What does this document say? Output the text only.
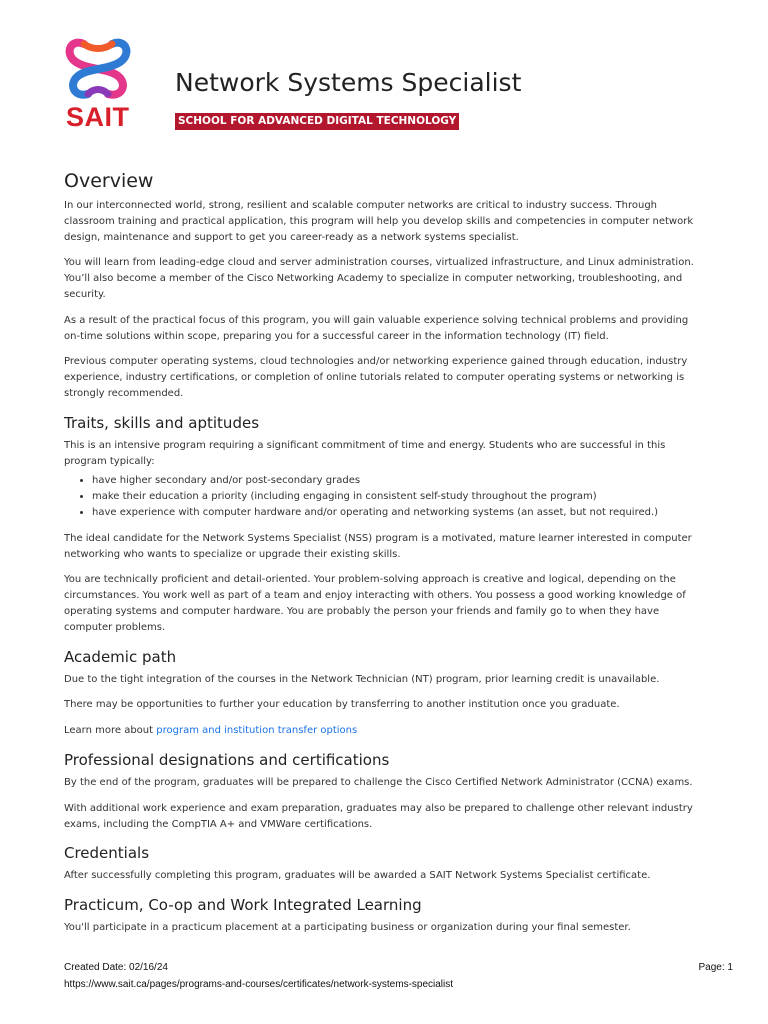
SAIT
Network Systems Specialist
SCHOOL FOR ADVANCED DIGITAL TECHNOLOGY
Overview

In our interconnected world, strong, resilient and scalable computer networks are critical to industry success. Through classroom training and practical application, this program will help you develop skills and competencies in computer network design, maintenance and support to get you career-ready as a network systems specialist.

You will learn from leading-edge cloud and server administration courses, virtualized infrastructure, and Linux administration. You’ll also become a member of the Cisco Networking Academy to specialize in computer networking, troubleshooting, and security.

As a result of the practical focus of this program, you will gain valuable experience solving technical problems and providing on-time solutions within scope, preparing you for a successful career in the information technology (IT) field.

Previous computer operating systems, cloud technologies and/or networking experience gained through education, industry experience, industry certifications, or completion of online tutorials related to computer operating systems or networking is strongly recommended.

Traits, skills and aptitudes

This is an intensive program requiring a significant commitment of time and energy. Students who are successful in this program typically:

• have higher secondary and/or post-secondary grades
• make their education a priority (including engaging in consistent self-study throughout the program)
• have experience with computer hardware and/or operating and networking systems (an asset, but not required.)

The ideal candidate for the Network Systems Specialist (NSS) program is a motivated, mature learner interested in computer networking who wants to specialize or upgrade their existing skills.

You are technically proficient and detail-oriented. Your problem-solving approach is creative and logical, depending on the circumstances. You work well as part of a team and enjoy interacting with others. You possess a good working knowledge of operating systems and computer hardware. You are probably the person your friends and family go to when they have computer problems.

Academic path

Due to the tight integration of the courses in the Network Technician (NT) program, prior learning credit is unavailable.

There may be opportunities to further your education by transferring to another institution once you graduate.

Learn more about program and institution transfer options

Professional designations and certifications

By the end of the program, graduates will be prepared to challenge the Cisco Certified Network Administrator (CCNA) exams.

With additional work experience and exam preparation, graduates may also be prepared to challenge other relevant industry exams, including the CompTIA A+ and VMWare certifications.

Credentials

After successfully completing this program, graduates will be awarded a SAIT Network Systems Specialist certificate.

Practicum, Co-op and Work Integrated Learning

You'll participate in a practicum placement at a participating business or organization during your final semester.

Created Date: 02/16/24	Page: 1
https://www.sait.ca/pages/programs-and-courses/certificates/network-systems-specialist
